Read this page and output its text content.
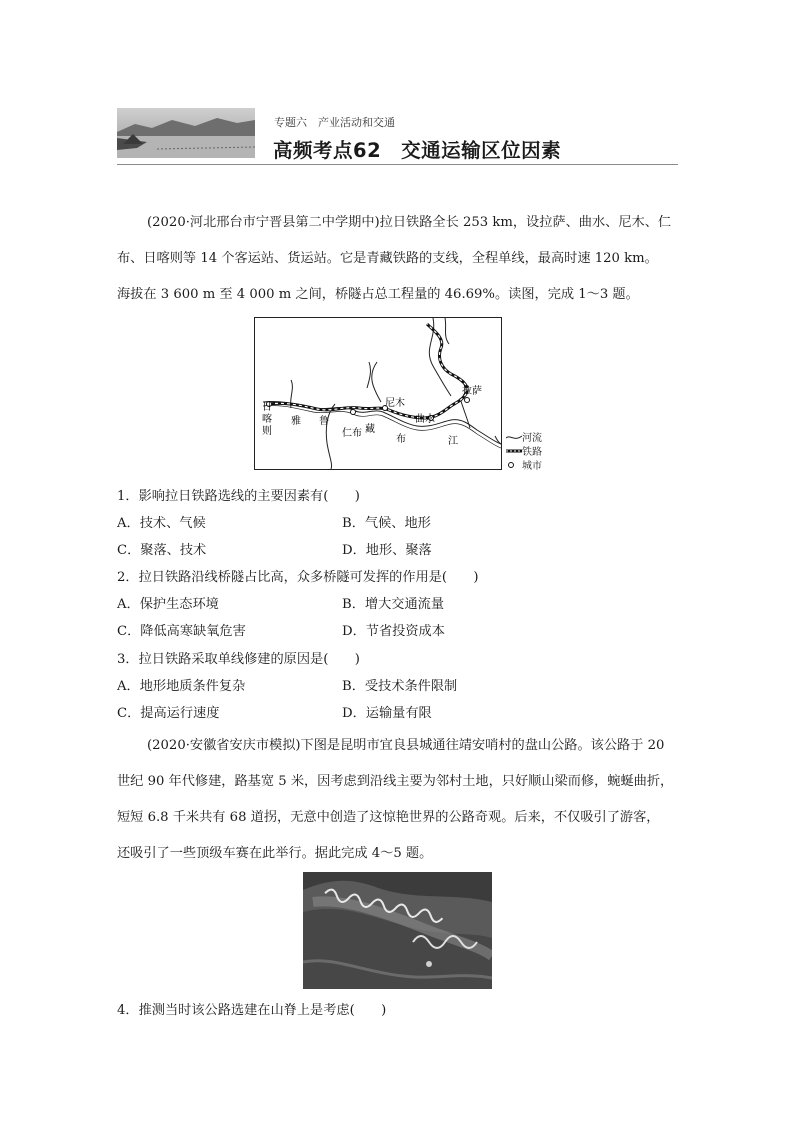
专题六　产业活动和交通
高频考点62　交通运输区位因素
(2020·河北邢台市宁晋县第二中学期中)拉日铁路全长 253 km，设拉萨、曲水、尼木、仁
布、日喀则等 14 个客运站、货运站。它是青藏铁路的支线，全程单线，最高时速 120 km。
海拔在 3 600 m 至 4 000 m 之间，桥隧占总工程量的 46.69%。读图，完成 1～3 题。
日
喀
则	仁布
尼木
曲水
拉萨
雅 鲁
藏
布	江	河流
铁路
城市
1．影响拉日铁路选线的主要因素有(　　)
A．技术、气候	B．气候、地形
C．聚落、技术	D．地形、聚落
2．拉日铁路沿线桥隧占比高，众多桥隧可发挥的作用是(　　)
A．保护生态环境	B．增大交通流量
C．降低高寒缺氧危害	D．节省投资成本
3．拉日铁路采取单线修建的原因是(　　)
A．地形地质条件复杂	B．受技术条件限制
C．提高运行速度	D．运输量有限
(2020·安徽省安庆市模拟)下图是昆明市宜良县城通往靖安哨村的盘山公路。该公路于 20
世纪 90 年代修建，路基宽 5 米，因考虑到沿线主要为邻村土地，只好顺山梁而修，蜿蜒曲折，
短短 6.8 千米共有 68 道拐，无意中创造了这惊艳世界的公路奇观。后来，不仅吸引了游客，
还吸引了一些顶级车赛在此举行。据此完成 4～5 题。
4．推测当时该公路选建在山脊上是考虑(　　)
